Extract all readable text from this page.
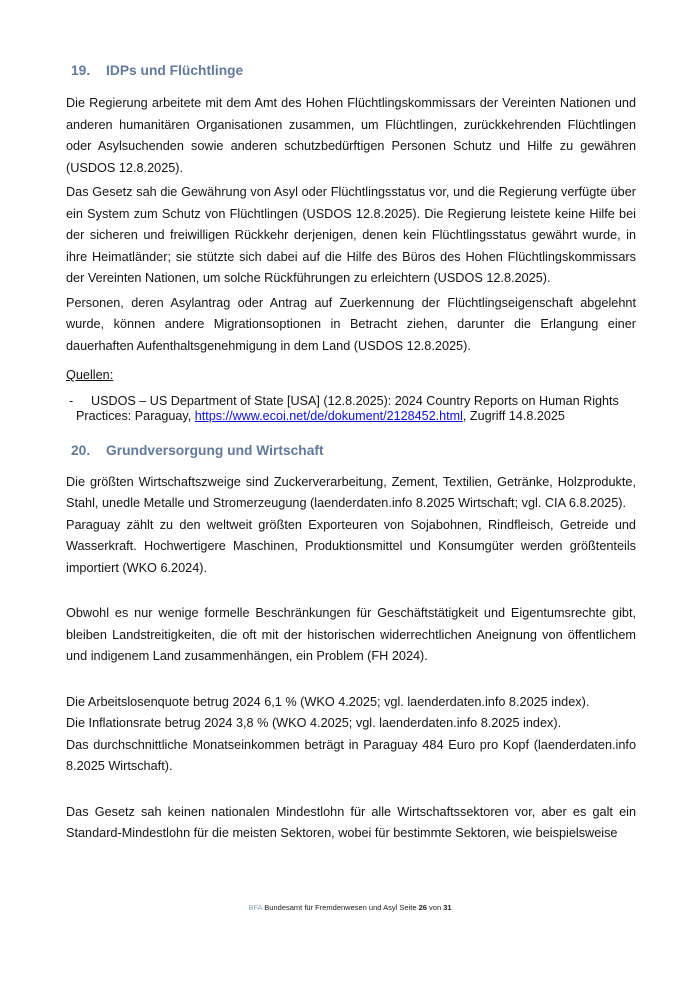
19. IDPs und Flüchtlinge

Die Regierung arbeitete mit dem Amt des Hohen Flüchtlingskommissars der Vereinten Nationen und anderen humanitären Organisationen zusammen, um Flüchtlingen, zurückkehrenden Flüchtlingen oder Asylsuchenden sowie anderen schutzbedürftigen Personen Schutz und Hilfe zu gewähren (USDOS 12.8.2025).

Das Gesetz sah die Gewährung von Asyl oder Flüchtlingsstatus vor, und die Regierung verfügte über ein System zum Schutz von Flüchtlingen (USDOS 12.8.2025). Die Regierung leistete keine Hilfe bei der sicheren und freiwilligen Rückkehr derjenigen, denen kein Flüchtlingsstatus gewährt wurde, in ihre Heimatländer; sie stützte sich dabei auf die Hilfe des Büros des Hohen Flüchtlingskommissars der Vereinten Nationen, um solche Rückführungen zu erleichtern (USDOS 12.8.2025).

Personen, deren Asylantrag oder Antrag auf Zuerkennung der Flüchtlingseigenschaft abgelehnt wurde, können andere Migrationsoptionen in Betracht ziehen, darunter die Erlangung einer dauerhaften Aufenthaltsgenehmigung in dem Land (USDOS 12.8.2025).

Quellen:

- USDOS – US Department of State [USA] (12.8.2025): 2024 Country Reports on Human Rights Practices: Paraguay, https://www.ecoi.net/de/dokument/2128452.html, Zugriff 14.8.2025
20. Grundversorgung und Wirtschaft

Die größten Wirtschaftszweige sind Zuckerverarbeitung, Zement, Textilien, Getränke, Holzprodukte, Stahl, unedle Metalle und Stromerzeugung (laenderdaten.info 8.2025 Wirtschaft; vgl. CIA 6.8.2025).

Paraguay zählt zu den weltweit größten Exporteuren von Sojabohnen, Rindfleisch, Getreide und Wasserkraft. Hochwertigere Maschinen, Produktionsmittel und Konsumgüter werden größtenteils importiert (WKO 6.2024).

Obwohl es nur wenige formelle Beschränkungen für Geschäftstätigkeit und Eigentumsrechte gibt, bleiben Landstreitigkeiten, die oft mit der historischen widerrechtlichen Aneignung von öffentlichem und indigenem Land zusammenhängen, ein Problem (FH 2024).

Die Arbeitslosenquote betrug 2024 6,1 % (WKO 4.2025; vgl. laenderdaten.info 8.2025 index).

Die Inflationsrate betrug 2024 3,8 % (WKO 4.2025; vgl. laenderdaten.info 8.2025 index).

Das durchschnittliche Monatseinkommen beträgt in Paraguay 484 Euro pro Kopf (laenderdaten.info 8.2025 Wirtschaft).

Das Gesetz sah keinen nationalen Mindestlohn für alle Wirtschaftssektoren vor, aber es galt ein Standard-Mindestlohn für die meisten Sektoren, wobei für bestimmte Sektoren, wie beispielsweise

BFA Bundesamt für Fremdenwesen und Asyl Seite 26 von 31
